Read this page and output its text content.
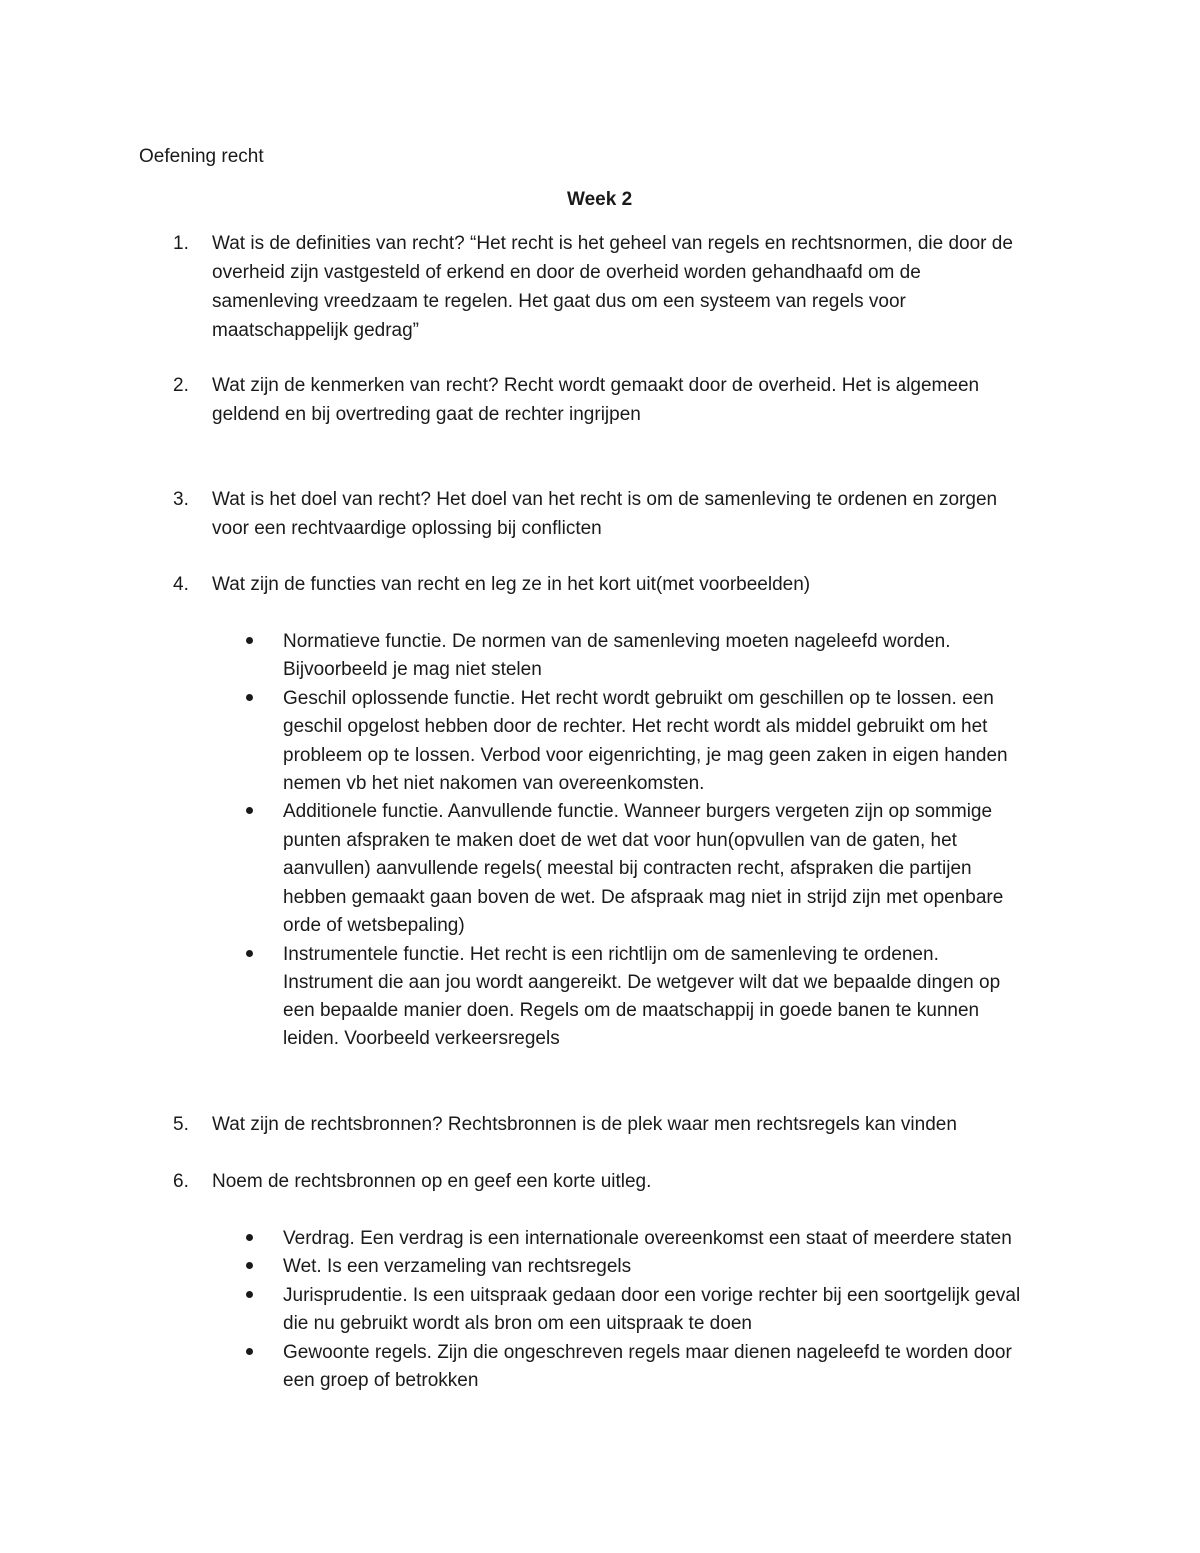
Oefening recht
Week 2
1. Wat is de definities van recht? “Het recht is het geheel van regels en rechtsnormen, die door de
overheid zijn vastgesteld of erkend en door de overheid worden gehandhaafd om de
samenleving vreedzaam te regelen. Het gaat dus om een systeem van regels voor
maatschappelijk gedrag”
2. Wat zijn de kenmerken van recht? Recht wordt gemaakt door de overheid. Het is algemeen
geldend en bij overtreding gaat de rechter ingrijpen
3. Wat is het doel van recht? Het doel van het recht is om de samenleving te ordenen en zorgen
voor een rechtvaardige oplossing bij conflicten
4. Wat zijn de functies van recht en leg ze in het kort uit(met voorbeelden)
Normatieve functie. De normen van de samenleving moeten nageleefd worden.
Bijvoorbeeld je mag niet stelen
Geschil oplossende functie. Het recht wordt gebruikt om geschillen op te lossen. een
geschil opgelost hebben door de rechter. Het recht wordt als middel gebruikt om het
probleem op te lossen. Verbod voor eigenrichting, je mag geen zaken in eigen handen
nemen vb het niet nakomen van overeenkomsten.
Additionele functie. Aanvullende functie. Wanneer burgers vergeten zijn op sommige
punten afspraken te maken doet de wet dat voor hun(opvullen van de gaten, het
aanvullen) aanvullende regels( meestal bij contracten recht, afspraken die partijen
hebben gemaakt gaan boven de wet. De afspraak mag niet in strijd zijn met openbare
orde of wetsbepaling)
Instrumentele functie. Het recht is een richtlijn om de samenleving te ordenen.
Instrument die aan jou wordt aangereikt. De wetgever wilt dat we bepaalde dingen op
een bepaalde manier doen. Regels om de maatschappij in goede banen te kunnen
leiden. Voorbeeld verkeersregels
5. Wat zijn de rechtsbronnen? Rechtsbronnen is de plek waar men rechtsregels kan vinden
6. Noem de rechtsbronnen op en geef een korte uitleg.
Verdrag. Een verdrag is een internationale overeenkomst een staat of meerdere staten
Wet. Is een verzameling van rechtsregels
Jurisprudentie. Is een uitspraak gedaan door een vorige rechter bij een soortgelijk geval
die nu gebruikt wordt als bron om een uitspraak te doen
Gewoonte regels. Zijn die ongeschreven regels maar dienen nageleefd te worden door
een groep of betrokken
